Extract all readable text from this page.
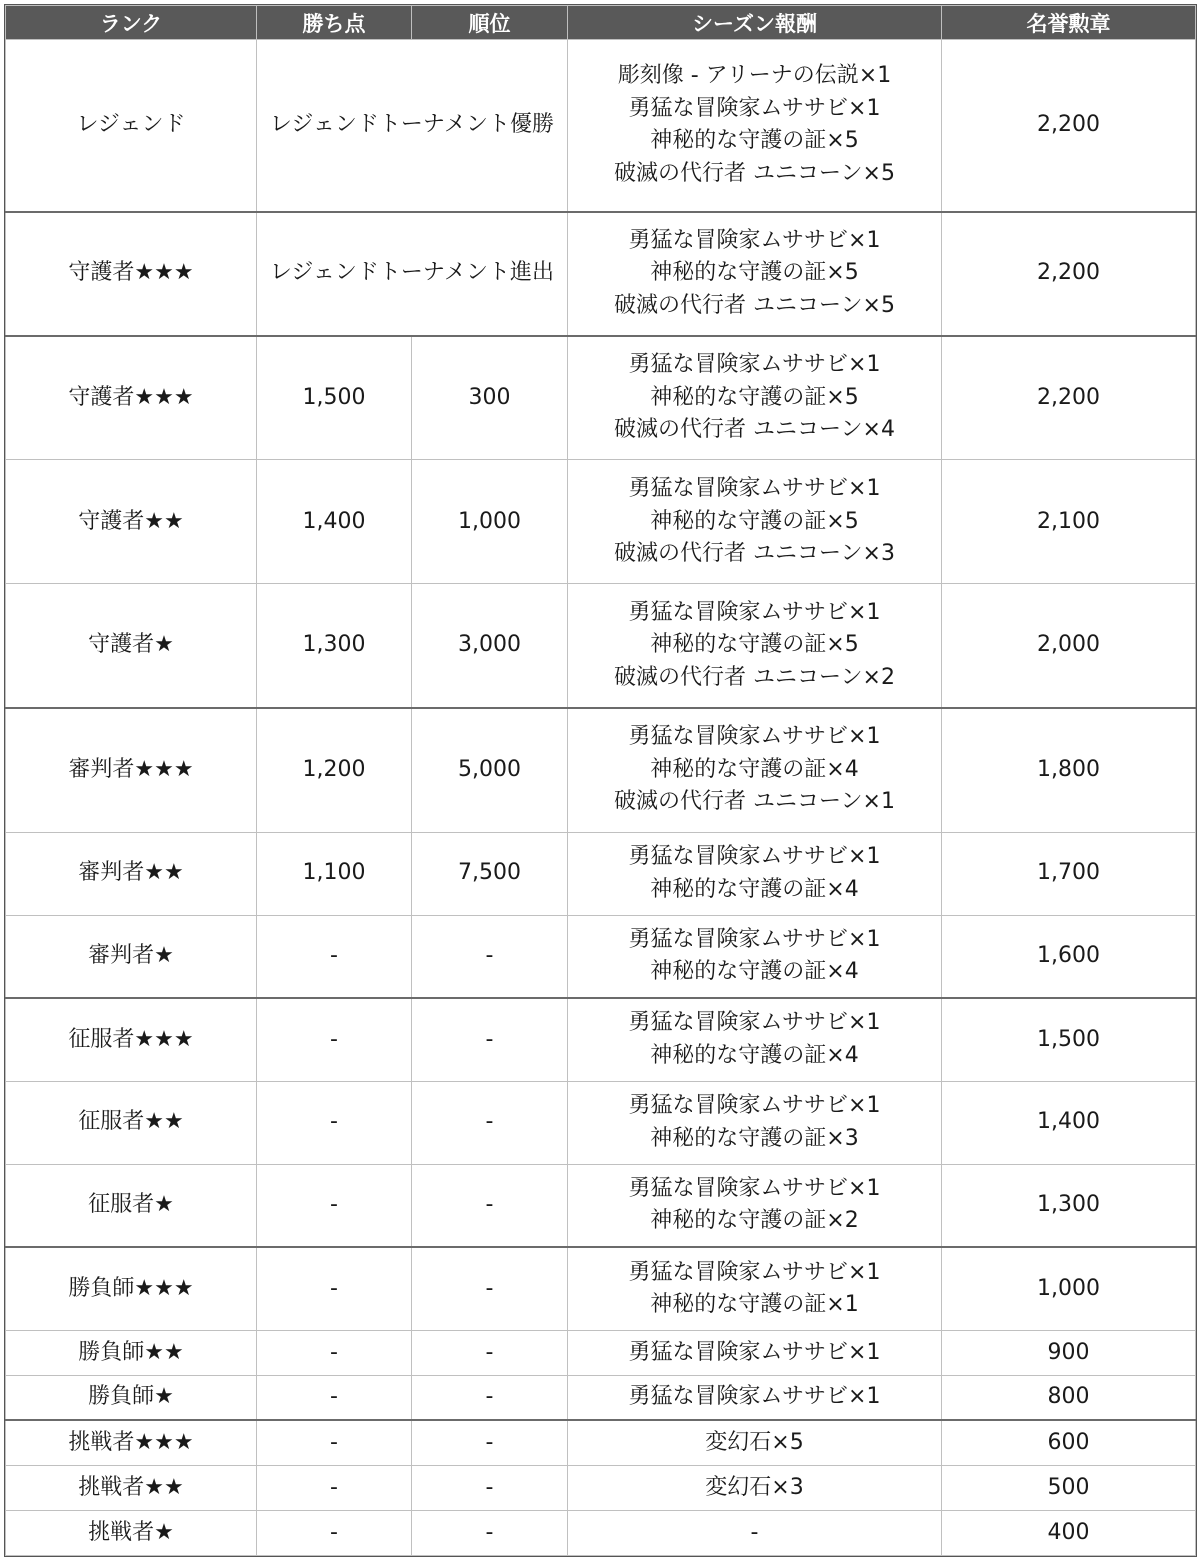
ランク	勝ち点	順位	シーズン報酬	名誉勲章
レジェンド	レジェンドトーナメント優勝		彫刻像 - アリーナの伝説×1
勇猛な冒険家ムササビ×1
神秘的な守護の証×5
破滅の代行者 ユニコーン×5	2,200
守護者★★★	レジェンドトーナメント進出		勇猛な冒険家ムササビ×1
神秘的な守護の証×5
破滅の代行者 ユニコーン×5	2,200
守護者★★★	1,500	300	勇猛な冒険家ムササビ×1
神秘的な守護の証×5
破滅の代行者 ユニコーン×4	2,200
守護者★★	1,400	1,000	勇猛な冒険家ムササビ×1
神秘的な守護の証×5
破滅の代行者 ユニコーン×3	2,100
守護者★	1,300	3,000	勇猛な冒険家ムササビ×1
神秘的な守護の証×5
破滅の代行者 ユニコーン×2	2,000
審判者★★★	1,200	5,000	勇猛な冒険家ムササビ×1
神秘的な守護の証×4
破滅の代行者 ユニコーン×1	1,800
審判者★★	1,100	7,500	勇猛な冒険家ムササビ×1
神秘的な守護の証×4	1,700
審判者★	-	-	勇猛な冒険家ムササビ×1
神秘的な守護の証×4	1,600
征服者★★★	-	-	勇猛な冒険家ムササビ×1
神秘的な守護の証×4	1,500
征服者★★	-	-	勇猛な冒険家ムササビ×1
神秘的な守護の証×3	1,400
征服者★	-	-	勇猛な冒険家ムササビ×1
神秘的な守護の証×2	1,300
勝負師★★★	-	-	勇猛な冒険家ムササビ×1
神秘的な守護の証×1	1,000
勝負師★★	-	-	勇猛な冒険家ムササビ×1	900
勝負師★	-	-	勇猛な冒険家ムササビ×1	800
挑戦者★★★	-	-	変幻石×5	600
挑戦者★★	-	-	変幻石×3	500
挑戦者★	-	-	-	400
